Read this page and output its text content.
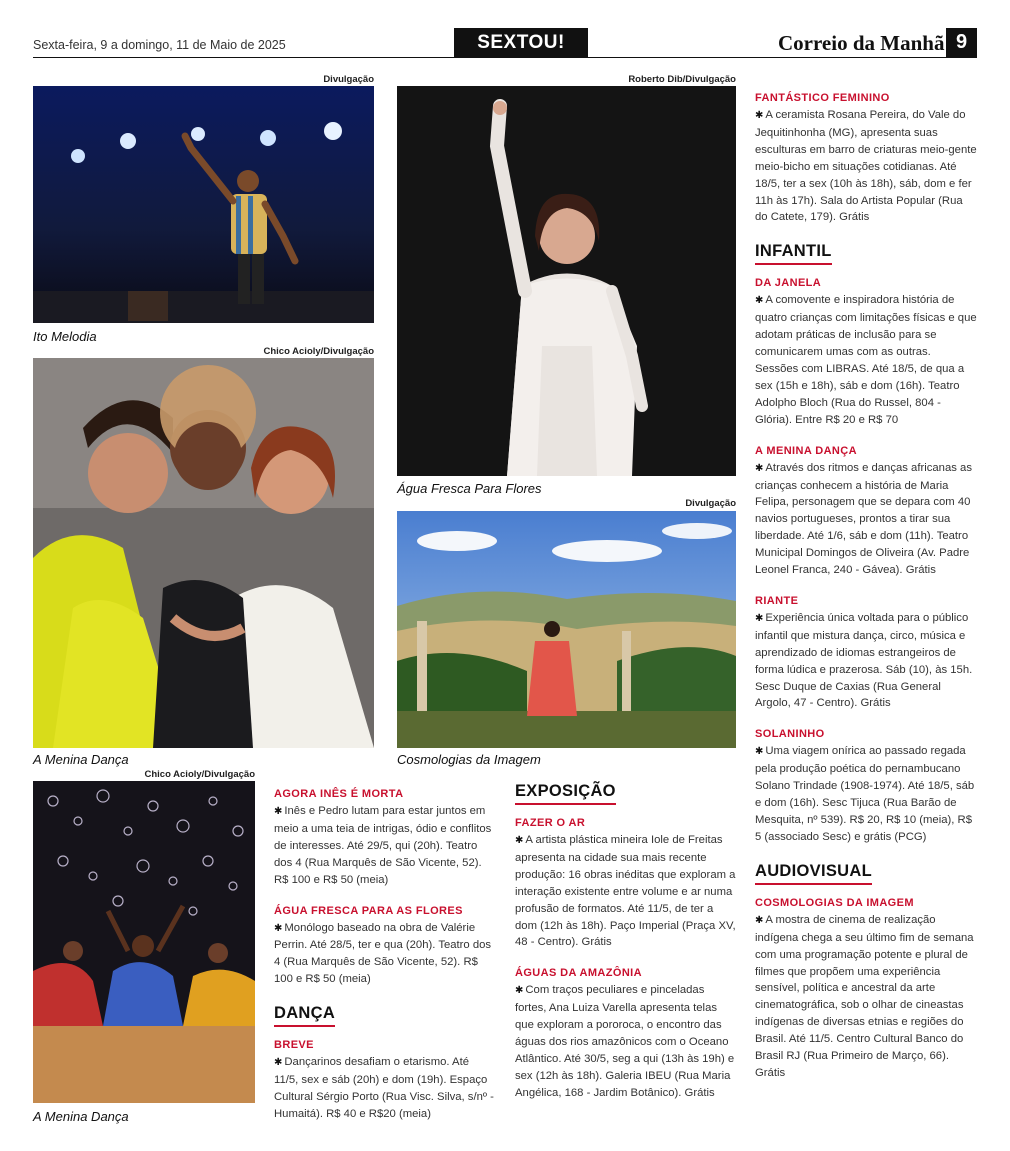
Sexta-feira, 9 a domingo, 11 de Maio de 2025	SEXTOU!	Correio da Manhã 9
Divulgação
Ito Melodia
Chico Acioly/Divulgação
A Menina Dança
Roberto Dib/Divulgação
Água Fresca Para Flores
Divulgação
Cosmologias da Imagem
Chico Acioly/Divulgação
A Menina Dança
AGORA INÊS É MORTA
✱ Inês e Pedro lutam para estar juntos em meio a uma teia de intrigas, ódio e conflitos de interesses. Até 29/5, qui (20h). Teatro dos 4 (Rua Marquês de São Vicente, 52). R$ 100 e R$ 50 (meia)
ÁGUA FRESCA PARA AS FLORES
✱ Monólogo baseado na obra de Valérie Perrin. Até 28/5, ter e qua (20h). Teatro dos 4 (Rua Marquês de São Vicente, 52). R$ 100 e R$ 50 (meia)
DANÇA
BREVE
✱ Dançarinos desafiam o etarismo. Até 11/5, sex e sáb (20h) e dom (19h). Espaço Cultural Sérgio Porto (Rua Visc. Silva, s/nº - Humaitá). R$ 40 e R$20 (meia)
EXPOSIÇÃO
FAZER O AR
✱ A artista plástica mineira Iole de Freitas apresenta na cidade sua mais recente produção: 16 obras inéditas que exploram a interação existente entre volume e ar numa profusão de formatos. Até 11/5, de ter a dom (12h às 18h). Paço Imperial (Praça XV, 48 - Centro). Grátis
ÁGUAS DA AMAZÔNIA
✱ Com traços peculiares e pinceladas fortes, Ana Luiza Varella apresenta telas que exploram a pororoca, o encontro das águas dos rios amazônicos com o Oceano Atlântico. Até 30/5, seg a qui (13h às 19h) e sex (12h às 18h). Galeria IBEU (Rua Maria Angélica, 168 - Jardim Botânico). Grátis
FANTÁSTICO FEMININO
✱ A ceramista Rosana Pereira, do Vale do Jequitinhonha (MG), apresenta suas esculturas em barro de criaturas meio-gente meio-bicho em situações cotidianas. Até 18/5, ter a sex (10h às 18h), sáb, dom e fer 11h às 17h). Sala do Artista Popular (Rua do Catete, 179). Grátis
INFANTIL
DA JANELA
✱ A comovente e inspiradora história de quatro crianças com limitações físicas e que adotam práticas de inclusão para se comunicarem umas com as outras. Sessões com LIBRAS. Até 18/5, de qua a sex (15h e 18h), sáb e dom (16h). Teatro Adolpho Bloch (Rua do Russel, 804 - Glória). Entre R$ 20 e R$ 70
A MENINA DANÇA
✱ Através dos ritmos e danças africanas as crianças conhecem a história de Maria Felipa, personagem que se depara com 40 navios portugueses, prontos a tirar sua liberdade. Até 1/6, sáb e dom (11h). Teatro Municipal Domingos de Oliveira (Av. Padre Leonel Franca, 240 - Gávea). Grátis
RIANTE
✱ Experiência única voltada para o público infantil que mistura dança, circo, música e aprendizado de idiomas estrangeiros de forma lúdica e prazerosa. Sáb (10), às 15h. Sesc Duque de Caxias (Rua General Argolo, 47 - Centro). Grátis
SOLANINHO
✱ Uma viagem onírica ao passado regada pela produção poética do pernambucano Solano Trindade (1908-1974). Até 18/5, sáb e dom (16h). Sesc Tijuca (Rua Barão de Mesquita, nº 539). R$ 20, R$ 10 (meia), R$ 5 (associado Sesc) e grátis (PCG)
AUDIOVISUAL
COSMOLOGIAS DA IMAGEM
✱ A mostra de cinema de realização indígena chega a seu último fim de semana com uma programação potente e plural de filmes que propõem uma experiência sensível, política e ancestral da arte cinematográfica, sob o olhar de cineastas indígenas de diversas etnias e regiões do Brasil. Até 11/5. Centro Cultural Banco do Brasil RJ (Rua Primeiro de Março, 66). Grátis
